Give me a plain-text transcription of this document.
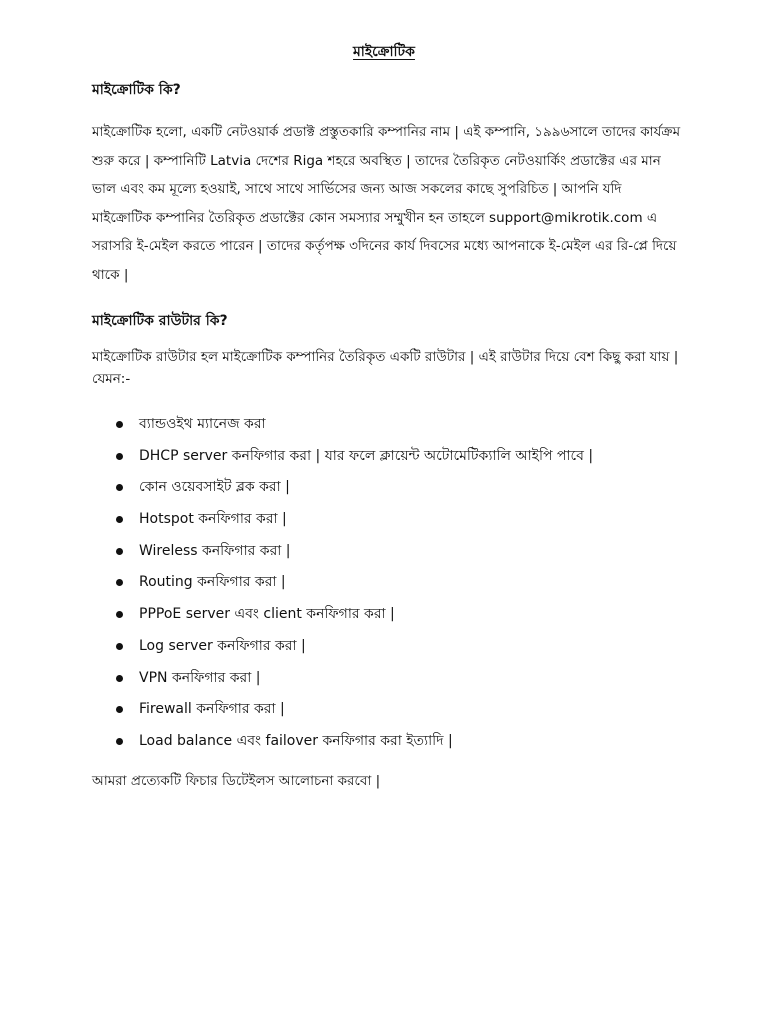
মাইক্রোটিক
মাইক্রোটিক কি?
মাইক্রোটিক হলো, একটি নেটওয়ার্ক প্রডাক্ট প্রস্তুতকারি কম্পানির নাম | এই কম্পানি, ১৯৯৬সালে তাদের কার্যক্রম শুরু করে | কম্পানিটি Latvia দেশের Riga শহরে অবস্থিত | তাদের তৈরিকৃত নেটওয়ার্কিং প্রডাক্টের এর মান ভাল এবং কম মূল্যে হওয়াই, সাথে সাথে সার্ভিসের জন্য আজ সকলের কাছে সুপরিচিত | আপনি যদি মাইক্রোটিক কম্পানির তৈরিকৃত প্রডাক্টের কোন সমস্যার সম্মুখীন হন তাহলে support@mikrotik.com এ সরাসরি ই-মেইল করতে পারেন | তাদের কর্তৃপক্ষ ৩দিনের কার্য দিবসের মধ্যে আপনাকে ই-মেইল এর রি-প্লে দিয়ে থাকে |
মাইক্রোটিক রাউটার কি?
মাইক্রোটিক রাউটার হল মাইক্রোটিক কম্পানির তৈরিকৃত একটি রাউটার | এই রাউটার দিয়ে বেশ কিছু করা যায় | যেমন:-
ব্যান্ডওইথ ম্যানেজ করা
DHCP server কনফিগার করা | যার ফলে ক্লায়েন্ট অটোমেটিক্যালি আইপি পাবে |
কোন ওয়েবসাইট ব্লক করা |
Hotspot কনফিগার করা |
Wireless কনফিগার করা |
Routing কনফিগার করা |
PPPoE server এবং client কনফিগার করা |
Log server কনফিগার করা |
VPN কনফিগার করা |
Firewall কনফিগার করা |
Load balance এবং failover কনফিগার করা ইত্যাদি |
আমরা প্রত্যেকটি ফিচার ডিটেইলস আলোচনা করবো |
